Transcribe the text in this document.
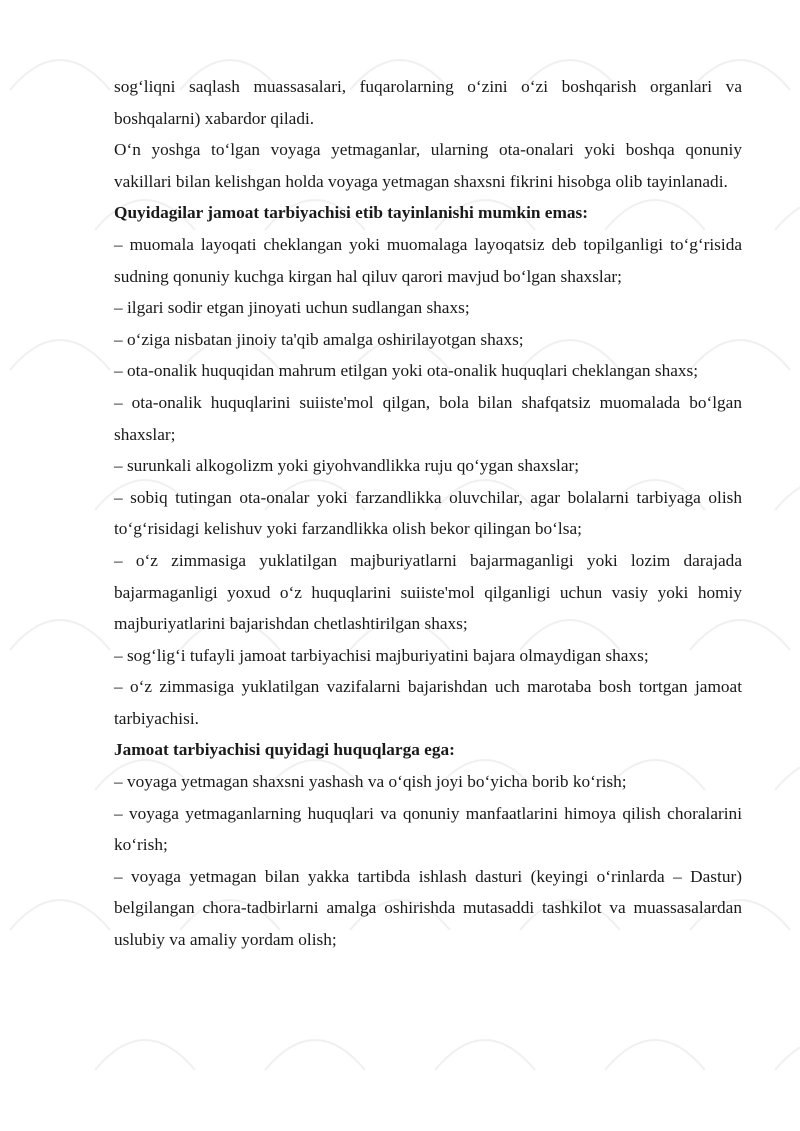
sog‘liqni saqlash muassasalari, fuqarolarning o‘zini o‘zi boshqarish organlari va boshqalarni) xabardor qiladi.

O‘n yoshga to‘lgan voyaga yetmaganlar, ularning ota-onalari yoki boshqa qonuniy vakillari bilan kelishgan holda voyaga yetmagan shaxsni fikrini hisobga olib tayinlanadi.

Quyidagilar jamoat tarbiyachisi etib tayinlanishi mumkin emas:

– muomala layoqati cheklangan yoki muomalaga layoqatsiz deb topilganligi to‘g‘risida sudning qonuniy kuchga kirgan hal qiluv qarori mavjud bo‘lgan shaxslar;

– ilgari sodir etgan jinoyati uchun sudlangan shaxs;

– o‘ziga nisbatan jinoiy ta'qib amalga oshirilayotgan shaxs;

– ota-onalik huquqidan mahrum etilgan yoki ota-onalik huquqlari cheklangan shaxs;

– ota-onalik huquqlarini suiiste'mol qilgan, bola bilan shafqatsiz muomalada bo‘lgan shaxslar;

– surunkali alkogolizm yoki giyohvandlikka ruju qo‘ygan shaxslar;

– sobiq tutingan ota-onalar yoki farzandlikka oluvchilar, agar bolalarni tarbiyaga olish to‘g‘risidagi kelishuv yoki farzandlikka olish bekor qilingan bo‘lsa;

– o‘z zimmasiga yuklatilgan majburiyatlarni bajarmaganligi yoki lozim darajada bajarmaganligi yoxud o‘z huquqlarini suiiste'mol qilganligi uchun vasiy yoki homiy majburiyatlarini bajarishdan chetlashtirilgan shaxs;

– sog‘lig‘i tufayli jamoat tarbiyachisi majburiyatini bajara olmaydigan shaxs;

– o‘z zimmasiga yuklatilgan vazifalarni bajarishdan uch marotaba bosh tortgan jamoat tarbiyachisi.

Jamoat tarbiyachisi quyidagi huquqlarga ega:

– voyaga yetmagan shaxsni yashash va o‘qish joyi bo‘yicha borib ko‘rish;

– voyaga yetmaganlarning huquqlari va qonuniy manfaatlarini himoya qilish choralarini ko‘rish;

– voyaga yetmagan bilan yakka tartibda ishlash dasturi (keyingi o‘rinlarda – Dastur) belgilangan chora-tadbirlarni amalga oshirishda mutasaddi tashkilot va muassasalardan uslubiy va amaliy yordam olish;
